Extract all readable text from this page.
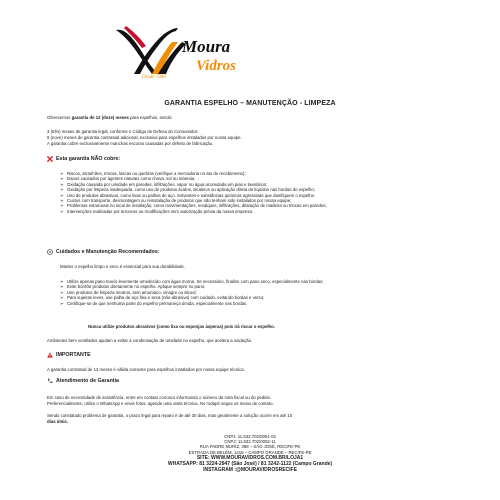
Moura
Vidros
Desde 1988
GARANTIA ESPELHO – MANUTENÇÃO - LIMPEZA
Oferecemos garantia de 12 (doze) meses para espelhos, sendo:
3 (três) meses de garantia legal, conforme o Código de Defesa do Consumidor;
9 (nove) meses de garantia contratual adicional, exclusiva para espelhos instalados por nossa equipe.
A garantia cobre exclusivamente manchas escuras causadas por defeito de fabricação.
Esta garantia NÃO cobre:
➢ Riscos, arranhões, trincas, lascas ou quebras (verifique a mercadoria no ato do recebimento);
➢ Danos causados por agentes naturais como chuva, sol ou maresia;
➢ Oxidação causada por umidade em paredes, infiltrações, vapor ou água acumulada em pias e lavatórios;
➢ Oxidação por limpeza inadequada, como uso de produtos ácidos, alcalinos ou aplicação direta de líquidos nas bordas do espelho;
➢ Uso de produtos abrasivos, como lixas ou palhas de aço. Solventes e substâncias químicas agressivas que danifiquem o espelho.
➢ Custos com transporte, desmontagem ou reinstalação de produtos que não tenham sido instalados por nossa equipe;
➢ Problemas estruturais no local de instalação, como movimentações, recalques, infiltrações, dilatação de madeira ou trincas em paredes;
➢ Intervenções realizadas por terceiros ou modificações sem autorização prévia da nossa empresa.
Cuidados e Manutenção Recomendados:
Manter o espelho limpo e seco é essencial para sua durabilidade.
➢ Utilize apenas pano macio levemente umedecido com água morna. Se necessário, finalize com pano seco, especialmente nas bordas;
➢ Evite borrifar produtos diretamente no espelho. Aplique sempre no pano;
➢ Use produtos de limpeza neutros, sem amoníaco, vinagre ou álcool;
➢ Para sujeiras leves, use palha de aço fina e seca (não-abrasiva) com cuidado, evitando bordas e verso;
➢ Certifique-se de que nenhuma parte do espelho permaneça úmida, especialmente nas bordas.
Nunca utilize produtos abrasivos (como lixa ou esponjas ásperas) pois irá riscar o espelho.
Ambientes bem ventilados ajudam a evitar a condensação de umidade no espelho, que acelera a oxidação.
IMPORTANTE
A garantia contratual de 12 meses é válida somente para espelhos instalados por nossa equipe técnica.
Atendimento de Garantia
Em caso de necessidade de assistência, entre em contato conosco informando o número da nota fiscal ou do pedido.
Preferencialmente, utilize o WhatsApp e envie fotos, agende uma visita técnica. No rodapé segue os meios de contato.
Sendo constatado problema de garantia, o prazo legal para reparo é de até 30 dias, mas geralmente a solução ocorre em até 10
dias úteis.
CNPJ: 11.532.702/0001-02
CNPJ: 11.532.702/0002-11
RUA PADRE MURIZ, 398 – SÃO JOSÉ, RECIFE-PE
ESTRADA DE BELÉM, 1416 – CAMPO GRANDE – RECIFE-PE
SITE: WWW.MOURAVIDROS.COM.BR/LOJA1
WHATSAPP: 81 3224-2947 (São José) / 81 3242-1122 (Campo Grande)
INSTAGRAM :@MOURAVIDROSRECIFE
